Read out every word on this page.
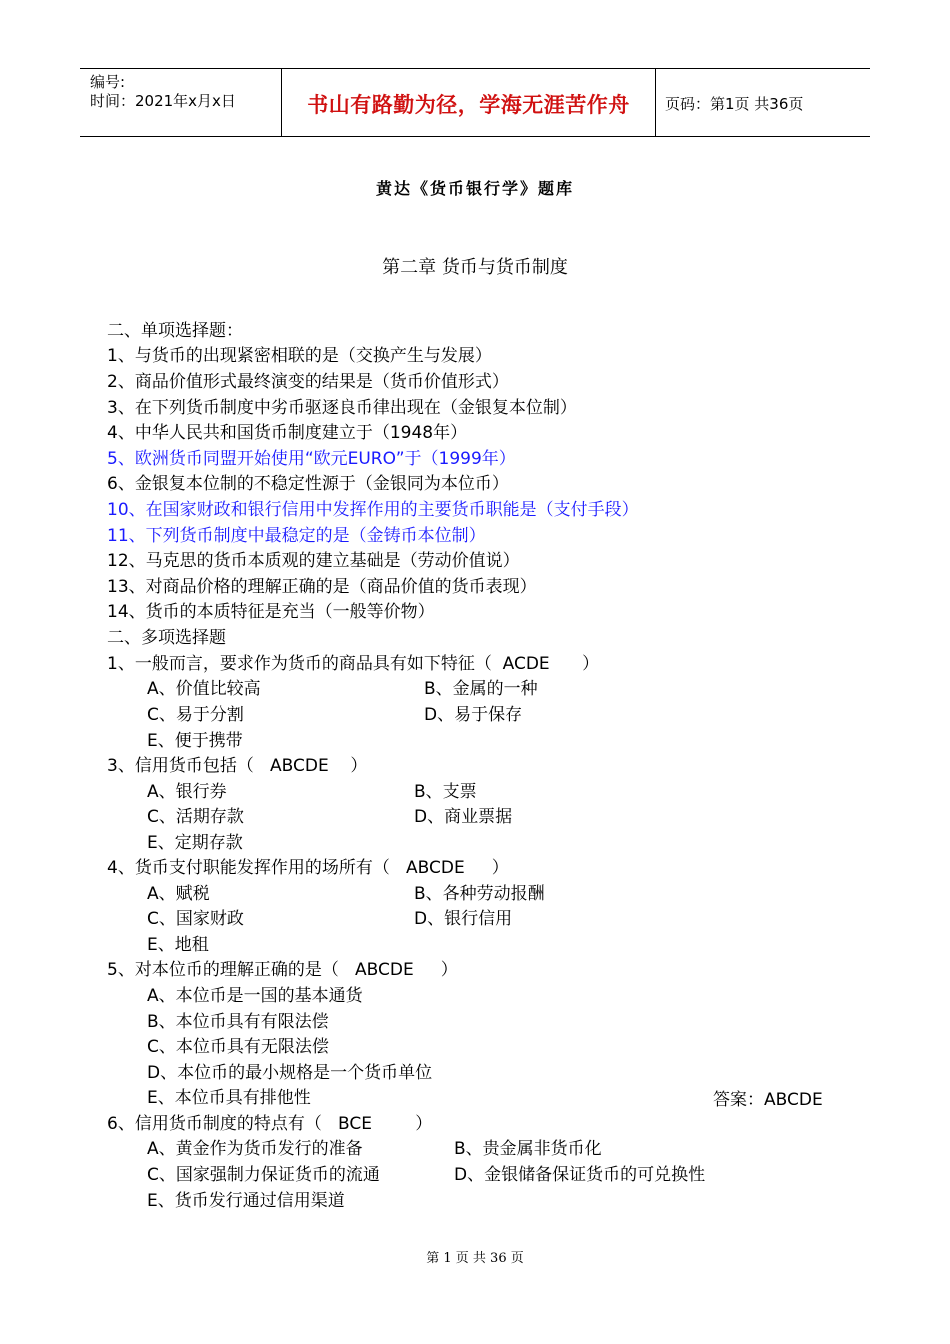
编号:
时间：2021年x月x日	书山有路勤为径，学海无涯苦作舟	页码：第1页 共36页
黄达《货币银行学》题库
第二章 货币与货币制度
二、单项选择题：
1、与货币的出现紧密相联的是（交换产生与发展）
2、商品价值形式最终演变的结果是（货币价值形式）
3、在下列货币制度中劣币驱逐良币律出现在（金银复本位制）
4、中华人民共和国货币制度建立于（1948年）
5、欧洲货币同盟开始使用“欧元EURO”于（1999年）
6、金银复本位制的不稳定性源于（金银同为本位币）
10、在国家财政和银行信用中发挥作用的主要货币职能是（支付手段）
11、下列货币制度中最稳定的是（金铸币本位制）
12、马克思的货币本质观的建立基础是（劳动价值说）
13、对商品价格的理解正确的是（商品价值的货币表现）
14、货币的本质特征是充当（一般等价物）
二、多项选择题
1、一般而言，要求作为货币的商品具有如下特征（  ACDE      ）
A、价值比较高	B、金属的一种
C、易于分割	D、易于保存
E、便于携带
3、信用货币包括（   ABCDE    ）
A、银行券	B、支票
C、活期存款	D、商业票据
E、定期存款
4、货币支付职能发挥作用的场所有（   ABCDE     ）
A、赋税	B、各种劳动报酬
C、国家财政	D、银行信用
E、地租
5、对本位币的理解正确的是（   ABCDE     ）
A、本位币是一国的基本通货
B、本位币具有有限法偿
C、本位币具有无限法偿
D、本位币的最小规格是一个货币单位
E、本位币具有排他性	答案：ABCDE
6、信用货币制度的特点有（   BCE        ）
A、黄金作为货币发行的准备	B、贵金属非货币化
C、国家强制力保证货币的流通	D、金银储备保证货币的可兑换性
E、货币发行通过信用渠道
第 1 页 共 36 页
